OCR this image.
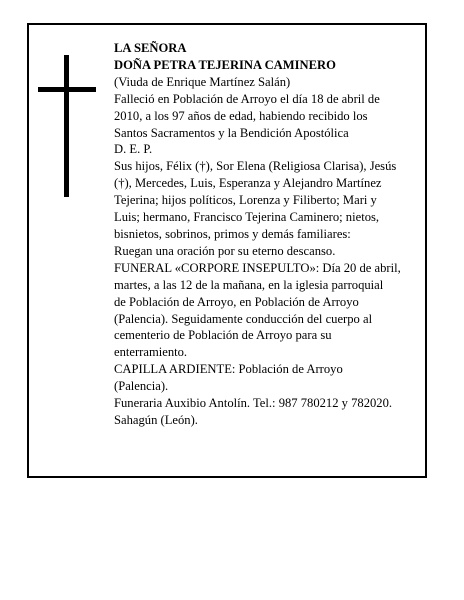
LA SEÑORA

DOÑA PETRA TEJERINA CAMINERO

(Viuda de Enrique Martínez Salán)

Falleció en Población de Arroyo el día 18 de abril de

2010, a los 97 años de edad, habiendo recibido los

Santos Sacramentos y la Bendición Apostólica

D. E. P.

Sus hijos, Félix (†), Sor Elena (Religiosa Clarisa), Jesús

(†), Mercedes, Luis, Esperanza y Alejandro Martínez

Tejerina; hijos políticos, Lorenza y Filiberto; Mari y

Luis; hermano, Francisco Tejerina Caminero; nietos,

bisnietos, sobrinos, primos y demás familiares:

Ruegan una oración por su eterno descanso.

FUNERAL «CORPORE INSEPULTO»: Día 20 de abril,

martes, a las 12 de la mañana, en la iglesia parroquial

de Población de Arroyo, en Población de Arroyo

(Palencia). Seguidamente conducción del cuerpo al

cementerio de Población de Arroyo para su

enterramiento.

CAPILLA ARDIENTE: Población de Arroyo

(Palencia).

Funeraria Auxibio Antolín. Tel.: 987 780212 y 782020.

Sahagún (León).
